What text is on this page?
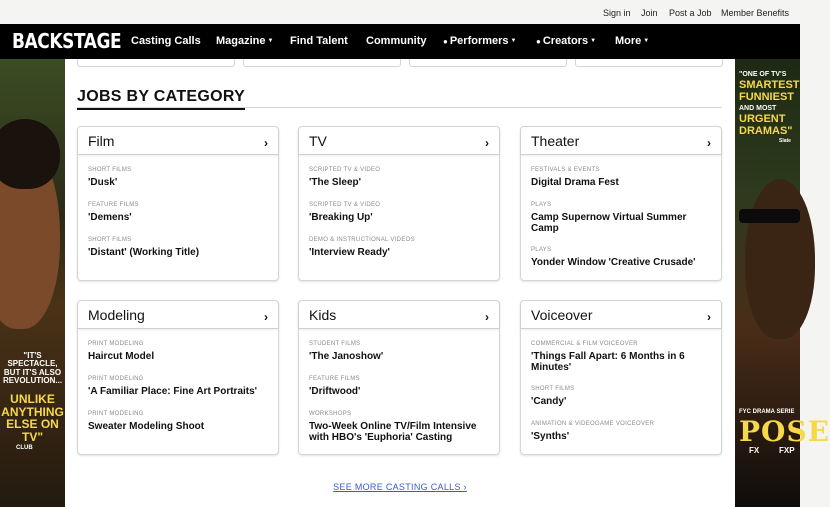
Sign in Join Post a Job Member Benefits
BACKSTAGE Casting Calls Magazine ▼ Find Talent Community ● Performers ▼ ● Creators ▼ More ▼
"IT'S
SPECTACLE,
BUT IT'S ALSO
REVOLUTION...
UNLIKE
ANYTHING
ELSE ON
TV"
CLUB
JOBS BY CATEGORY
Film	›
SHORT FILMS
'Dusk'
FEATURE FILMS
'Demens'
SHORT FILMS
'Distant' (Working Title)
TV	›
SCRIPTED TV & VIDEO
'The Sleep'
SCRIPTED TV & VIDEO
'Breaking Up'
DEMO & INSTRUCTIONAL VIDEOS
'Interview Ready'
Theater	›
FESTIVALS & EVENTS
Digital Drama Fest
PLAYS
Camp Supernow Virtual Summer Camp
PLAYS
Yonder Window 'Creative Crusade'
Modeling	›
PRINT MODELING
Haircut Model
PRINT MODELING
'A Familiar Place: Fine Art Portraits'
PRINT MODELING
Sweater Modeling Shoot
Kids	›
STUDENT FILMS
'The Janoshow'
FEATURE FILMS
'Driftwood'
WORKSHOPS
Two-Week Online TV/Film Intensive with HBO's 'Euphoria' Casting
Voiceover	›
COMMERCIAL & FILM VOICEOVER
'Things Fall Apart: 6 Months in 6 Minutes'
SHORT FILMS
'Candy'
ANIMATION & VIDEOGAME VOICEOVER
'Synths'
SEE MORE CASTING CALLS ›
"ONE OF TV'S
SMARTEST
FUNNIEST
AND MOST
URGENT
DRAMAS"
Slate
FYC DRAMA SERIE
POSE
FX FXP
